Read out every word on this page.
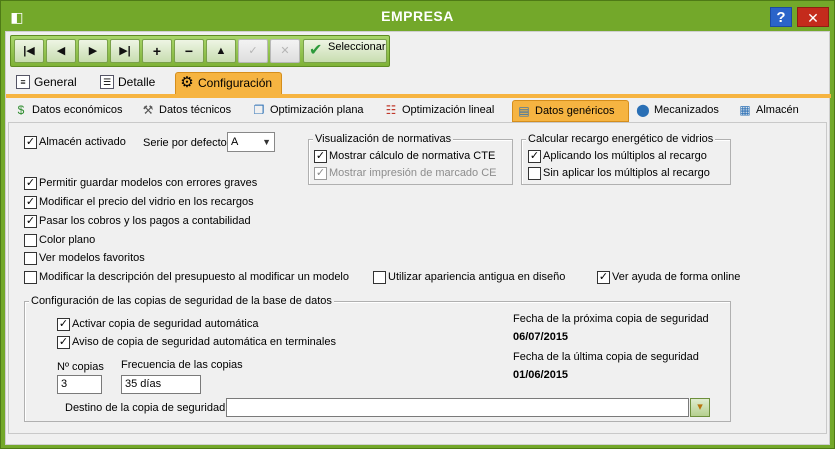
◧	EMPRESA	?	✕
|◀	◀	▶	▶|	+	−	▲	✓	✕	✔ Seleccionar
≡ General	☰ Detalle	⚙ Configuración
$ Datos económicos	⚒ Datos técnicos	❐ Optimización plana	☷ Optimización lineal	▤ Datos genéricos	⬤ Mecanizados	▦ Almacén
✓ Almacén activado Serie por defecto A	▼	Visualización de normativas
✓ Mostrar cálculo de normativa CTE
✓ Mostrar impresión de marcado CE
Calcular recargo energético de vidrios
✓ Aplicando los múltiplos al recargo
Sin aplicar los múltiplos al recargo
✓ Permitir guardar modelos con errores graves
✓ Modificar el precio del vidrio en los recargos
✓ Pasar los cobros y los pagos a contabilidad
Color plano
Ver modelos favoritos
Modificar la descripción del presupuesto al modificar un modelo	Utilizar apariencia antigua en diseño	✓ Ver ayuda de forma online
Configuración de las copias de seguridad de la base de datos
✓ Activar copia de seguridad automática
✓ Aviso de copia de seguridad automática en terminales
Nº copias
3
Frecuencia de las copias
35 días
Fecha de la próxima copia de seguridad
06/07/2015
Fecha de la última copia de seguridad
01/06/2015
Destino de la copia de seguridad	▾
